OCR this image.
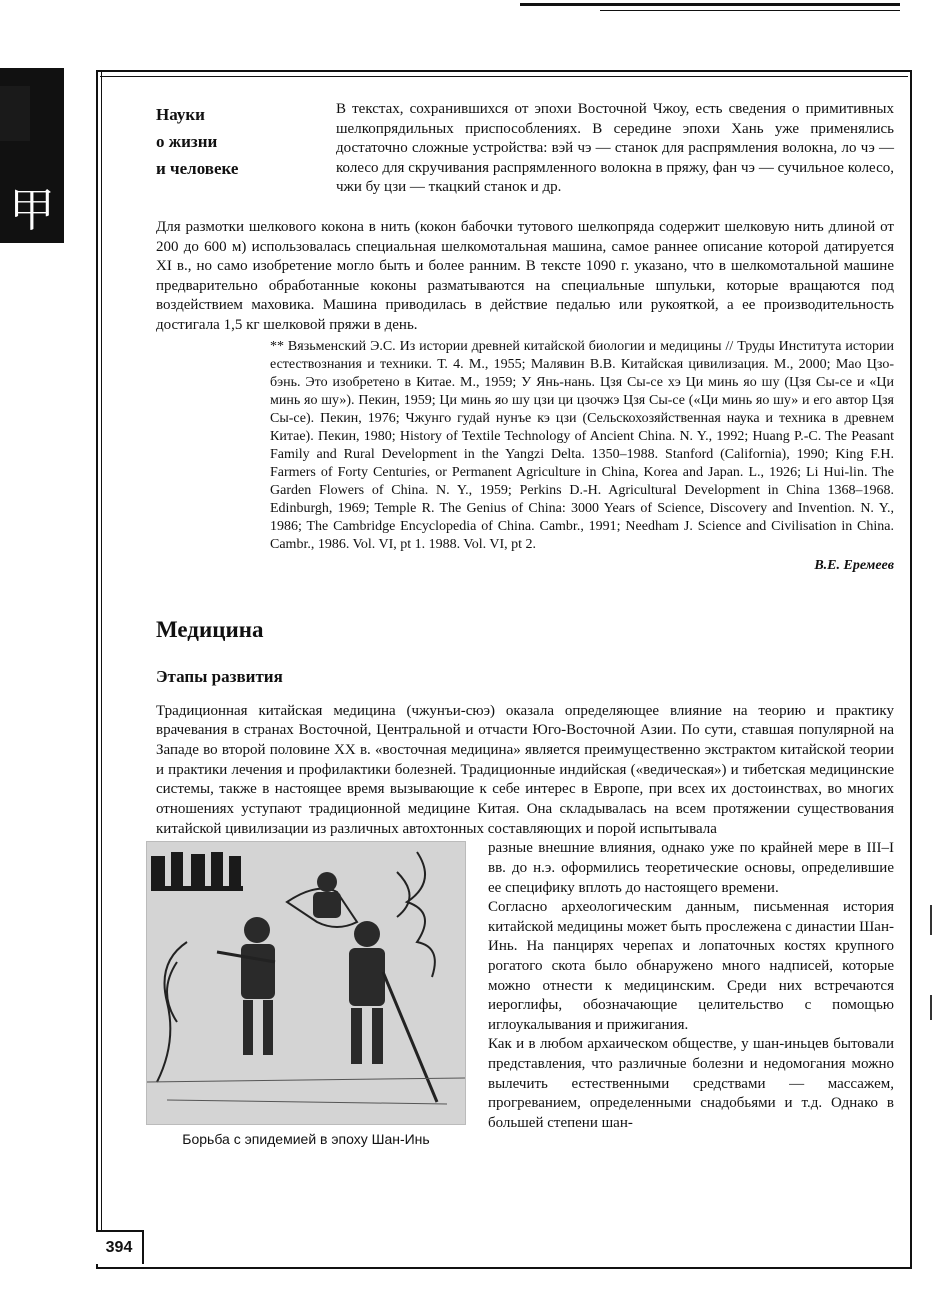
甲
Науки
о жизни
и человеке

В текстах, сохранившихся от эпохи Восточной Чжоу, есть сведения о примитивных шелкопрядильных приспособлениях. В середине эпохи Хань уже применялись достаточно сложные устройства: вэй чэ — станок для распрямления волокна, ло чэ — колесо для скручивания распрямленного волокна в пряжу, фан чэ — сучильное колесо, чжи бу цзи — ткацкий станок и др.

Для размотки шелкового кокона в нить (кокон бабочки тутового шелкопряда содержит шелковую нить длиной от 200 до 600 м) использовалась специальная шелкомотальная машина, самое раннее описание которой датируется XI в., но само изобретение могло быть и более ранним. В тексте 1090 г. указано, что в шелкомотальной машине предварительно обработанные коконы разматываются на специальные шпульки, которые вращаются под воздействием маховика. Машина приводилась в действие педалью или рукояткой, а ее производительность достигала 1,5 кг шелковой пряжи в день.

** Вязьменский Э.С. Из истории древней китайской биологии и медицины // Труды Института истории естествознания и техники. Т. 4. М., 1955; Малявин В.В. Китайская цивилизация. М., 2000; Мао Цзо-бэнь. Это изобретено в Китае. М., 1959; У Янь-нань. Цзя Сы-се хэ Ци минь яо шу (Цзя Сы-се и «Ци минь яо шу»). Пекин, 1959; Ци минь яо шу цзи ци цзочжэ Цзя Сы-се («Ци минь яо шу» и его автор Цзя Сы-се). Пекин, 1976; Чжунго гудай нунъе кэ цзи (Сельскохозяйственная наука и техника в древнем Китае). Пекин, 1980; History of Textile Technology of Ancient China. N. Y., 1992; Huang P.-C. The Peasant Family and Rural Development in the Yangzi Delta. 1350–1988. Stanford (California), 1990; King F.H. Farmers of Forty Centuries, or Permanent Agriculture in China, Korea and Japan. L., 1926; Li Hui-lin. The Garden Flowers of China. N. Y., 1959; Perkins D.-H. Agricultural Development in China 1368–1968. Edinburgh, 1969; Temple R. The Genius of China: 3000 Years of Science, Discovery and Invention. N. Y., 1986; The Cambridge Encyclopedia of China. Cambr., 1991; Needham J. Science and Civilisation in China. Cambr., 1986. Vol. VI, pt 1. 1988. Vol. VI, pt 2.

В.Е. Еремеев
Медицина
Этапы развития

Традиционная китайская медицина (чжунъи-сюэ) оказала определяющее влияние на теорию и практику врачевания в странах Восточной, Центральной и отчасти Юго-Восточной Азии. По сути, ставшая популярной на Западе во второй половине XX в. «восточная медицина» является преимущественно экстрактом китайской теории и практики лечения и профилактики болезней. Традиционные индийская («ведическая») и тибетская медицинские системы, также в настоящее время вызывающие к себе интерес в Европе, при всех их достоинствах, во многих отношениях уступают традиционной медицине Китая. Она складывалась на всем протяжении существования китайской цивилизации из различных автохтонных составляющих и порой испытывала

Борьба с эпидемией в эпоху Шан-Инь

разные внешние влияния, однако уже по крайней мере в III–I вв. до н.э. оформились теоретические основы, определившие ее специфику вплоть до настоящего времени.

Согласно археологическим данным, письменная история китайской медицины может быть прослежена с династии Шан-Инь. На панцирях черепах и лопаточных костях крупного рогатого скота было обнаружено много надписей, которые можно отнести к медицинским. Среди них встречаются иероглифы, обозначающие целительство с помощью иглоукалывания и прижигания.

Как и в любом архаическом обществе, у шан-иньцев бытовали представления, что различные болезни и недомогания можно вылечить естественными средствами — массажем, прогреванием, определенными снадобьями и т.д. Однако в большей степени шан-

394
